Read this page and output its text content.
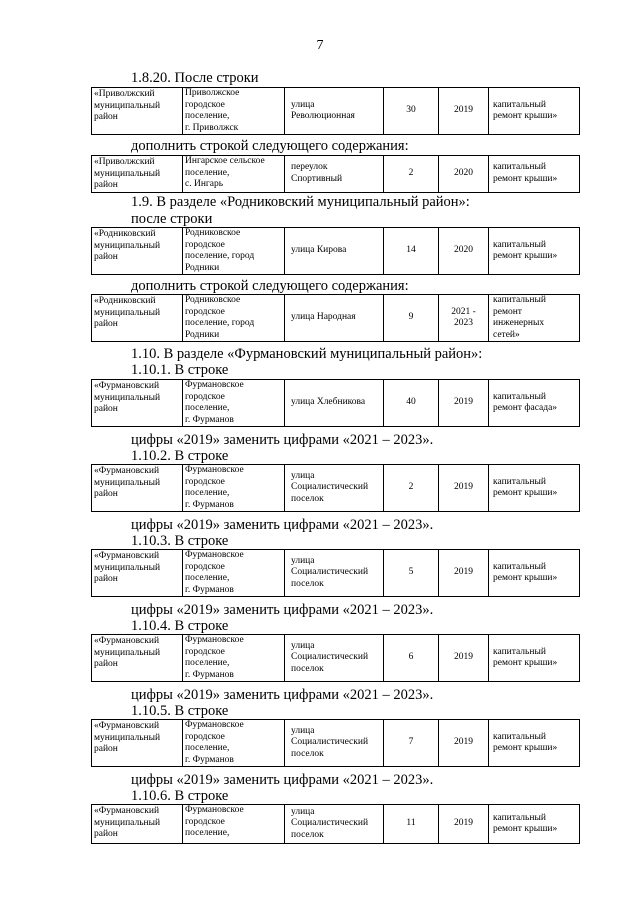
7
1.8.20. После строки
«Приволжский
муниципальный
район

Приволжское
городское
поселение,
г. Приволжск

улица
Революционная

30	2019

капитальный
ремонт крыши»
дополнить строкой следующего содержания:
«Приволжский
муниципальный
район

Ингарское сельское
поселение,
с. Ингарь

переулок
Спортивный

2	2020

капитальный
ремонт крыши»
1.9. В разделе «Родниковский муниципальный район»:
после строки
«Родниковский
муниципальный
район

Родниковское
городское
поселение, город
Родники

улица Кирова	14	2020

капитальный
ремонт крыши»
дополнить строкой следующего содержания:
«Родниковский
муниципальный
район

Родниковское
городское
поселение, город
Родники

улица Народная	9

2021 -
2023

капитальный
ремонт
инженерных
сетей»
1.10. В разделе «Фурмановский муниципальный район»:
1.10.1. В строке
«Фурмановский
муниципальный
район

Фурмановское
городское
поселение,
г. Фурманов

улица Хлебникова	40	2019

капитальный
ремонт фасада»
цифры «2019» заменить цифрами «2021 – 2023».
1.10.2. В строке
«Фурмановский
муниципальный
район

Фурмановское
городское
поселение,
г. Фурманов

улица
Социалистический
поселок

2	2019

капитальный
ремонт крыши»
цифры «2019» заменить цифрами «2021 – 2023».
1.10.3. В строке
«Фурмановский
муниципальный
район

Фурмановское
городское
поселение,
г. Фурманов

улица
Социалистический
поселок

5	2019

капитальный
ремонт крыши»
цифры «2019» заменить цифрами «2021 – 2023».
1.10.4. В строке
«Фурмановский
муниципальный
район

Фурмановское
городское
поселение,
г. Фурманов

улица
Социалистический
поселок

6	2019

капитальный
ремонт крыши»
цифры «2019» заменить цифрами «2021 – 2023».
1.10.5. В строке
«Фурмановский
муниципальный
район

Фурмановское
городское
поселение,
г. Фурманов

улица
Социалистический
поселок

7	2019

капитальный
ремонт крыши»
цифры «2019» заменить цифрами «2021 – 2023».
1.10.6. В строке
«Фурмановский
муниципальный
район

Фурмановское
городское
поселение,

улица
Социалистический
поселок

11	2019

капитальный
ремонт крыши»
